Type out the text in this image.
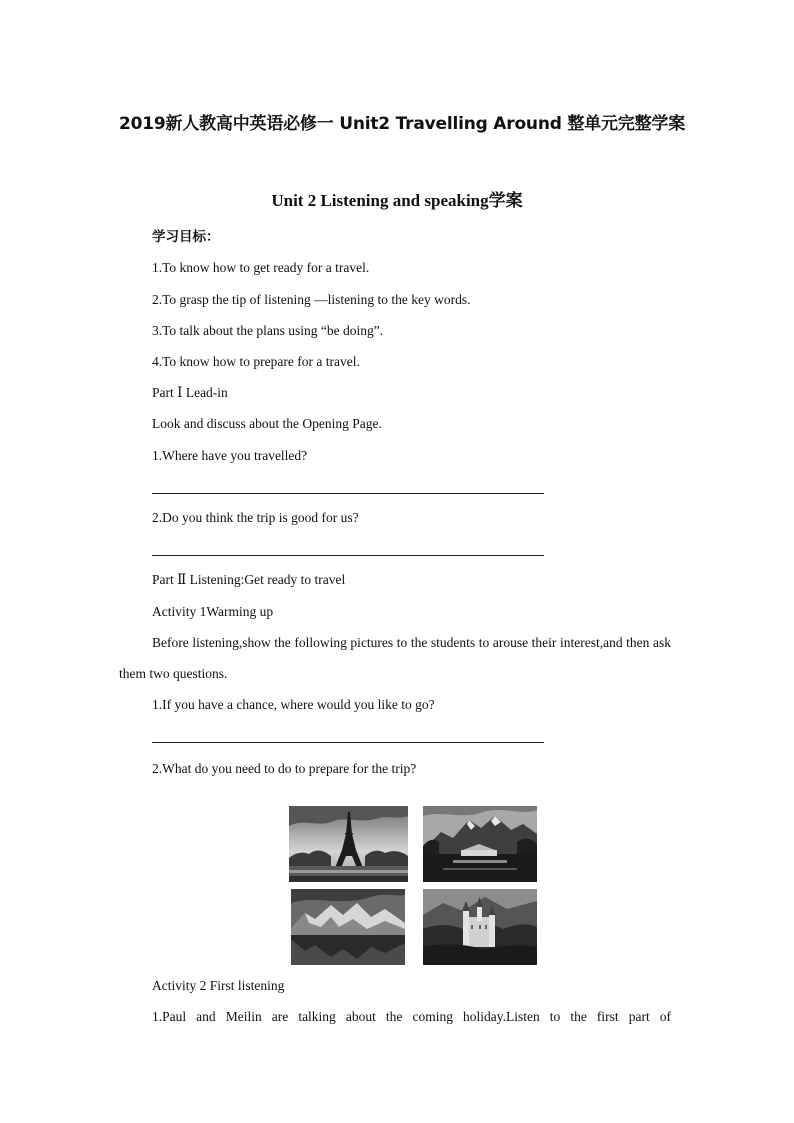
2019新人教高中英语必修一 Unit2 Travelling Around 整单元完整学案
Unit 2 Listening and speaking学案
学习目标：
1.To know how to get ready for a travel.
2.To grasp the tip of listening —listening to the key words.
3.To talk about the plans using “be doing”.
4.To know how to prepare for a travel.
Part Ⅰ Lead-in
Look and discuss about the Opening Page.
1.Where have you travelled?
2.Do you think the trip is good for us?
Part Ⅱ Listening:Get ready to travel
Activity 1Warming up

Before listening,show the following pictures to the students to arouse their interest,and then ask them two questions.

1.If you have a chance, where would you like to go?
2.What do you need to do to prepare for the trip?
Activity 2 First listening
1.Paul and Meilin are talking about the coming holiday.Listen to the first part of
